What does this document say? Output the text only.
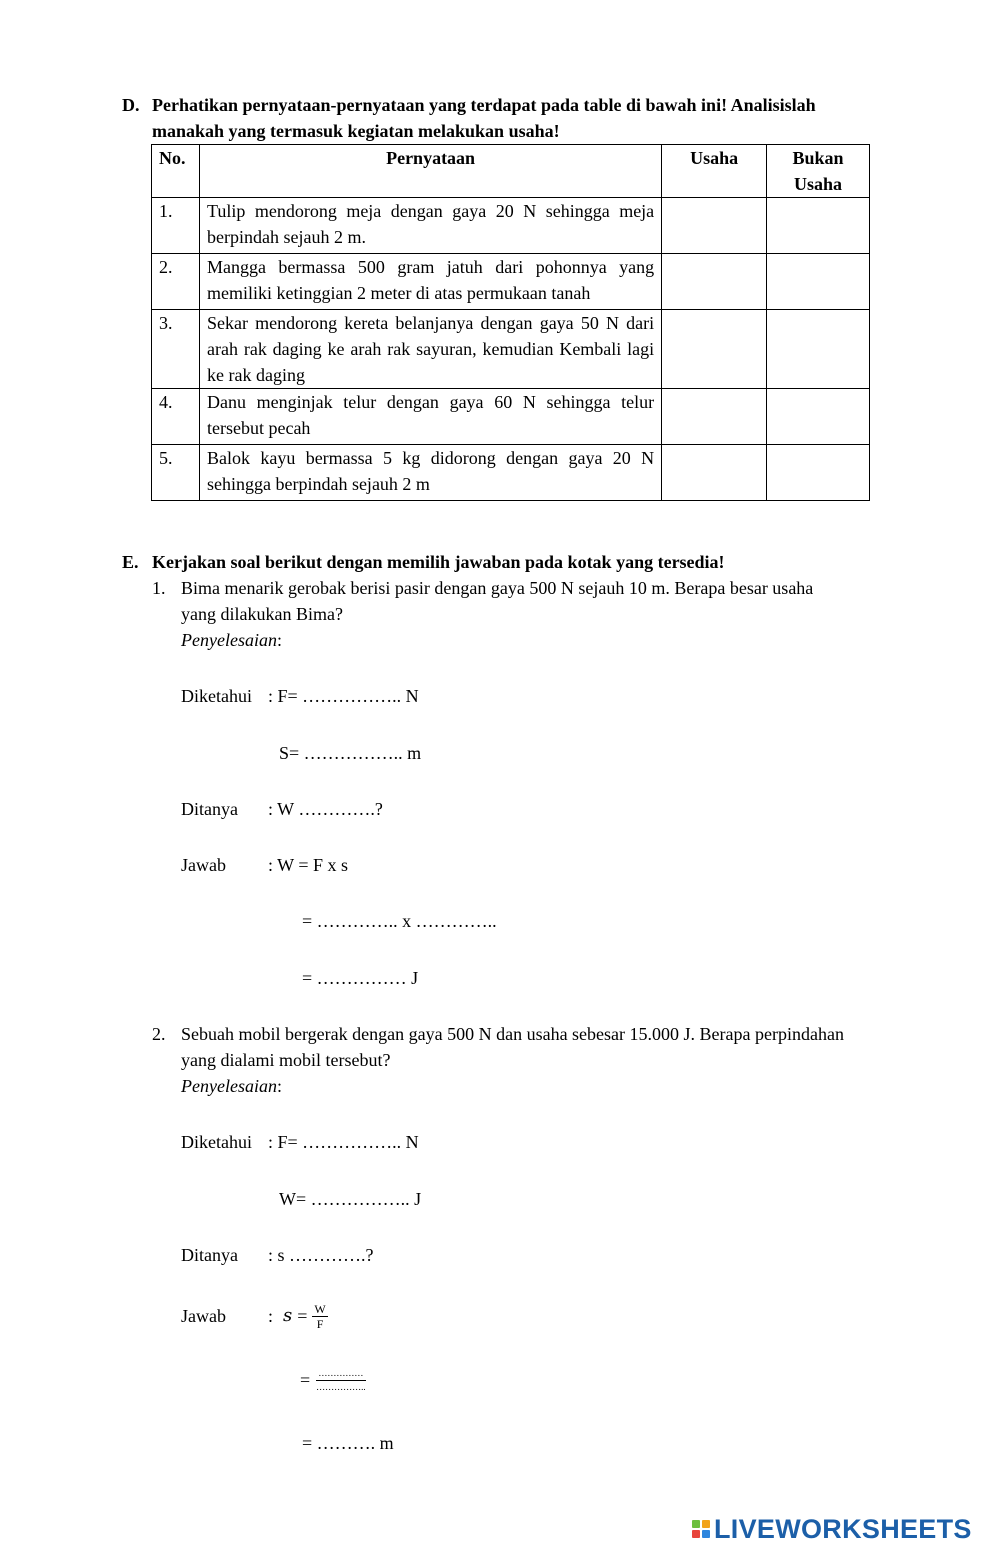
D. Perhatikan pernyataan-pernyataan yang terdapat pada table di bawah ini! Analisislah
manakah yang termasuk kegiatan melakukan usaha!
No.	Pernyataan	Usaha	Bukan
Usaha
1.	Tulip mendorong meja dengan gaya 20 N sehingga meja berpindah sejauh 2 m.		
2.	Mangga bermassa 500 gram jatuh dari pohonnya yang memiliki ketinggian 2 meter di atas permukaan tanah		
3.	Sekar mendorong kereta belanjanya dengan gaya 50 N dari arah rak daging ke arah rak sayuran, kemudian Kembali lagi ke rak daging		
4.	Danu menginjak telur dengan gaya 60 N sehingga telur tersebut pecah		
5.	Balok kayu bermassa 5 kg didorong dengan gaya 20 N sehingga berpindah sejauh 2 m		
E. Kerjakan soal berikut dengan memilih jawaban pada kotak yang tersedia!
1. Bima menarik gerobak berisi pasir dengan gaya 500 N sejauh 10 m. Berapa besar usaha
yang dilakukan Bima?
Penyelesaian:
Diketahui : F= …………….. N
S= …………….. m
Ditanya : W ………….?
Jawab : W = F x s
= ………….. x …………..
= …………… J
2. Sebuah mobil bergerak dengan gaya 500 N dan usaha sebesar 15.000 J. Berapa perpindahan
yang dialami mobil tersebut?
Penyelesaian:
Diketahui : F= …………….. N
W= …………….. J
Ditanya : s ………….?
Jawab : $s = \frac{W}{F}$
= $\frac{\dots\dots\dots\dots\dots}{\dots\dots\dots\dots\dots..}$
= ………. m
LIVEWORKSHEETS
